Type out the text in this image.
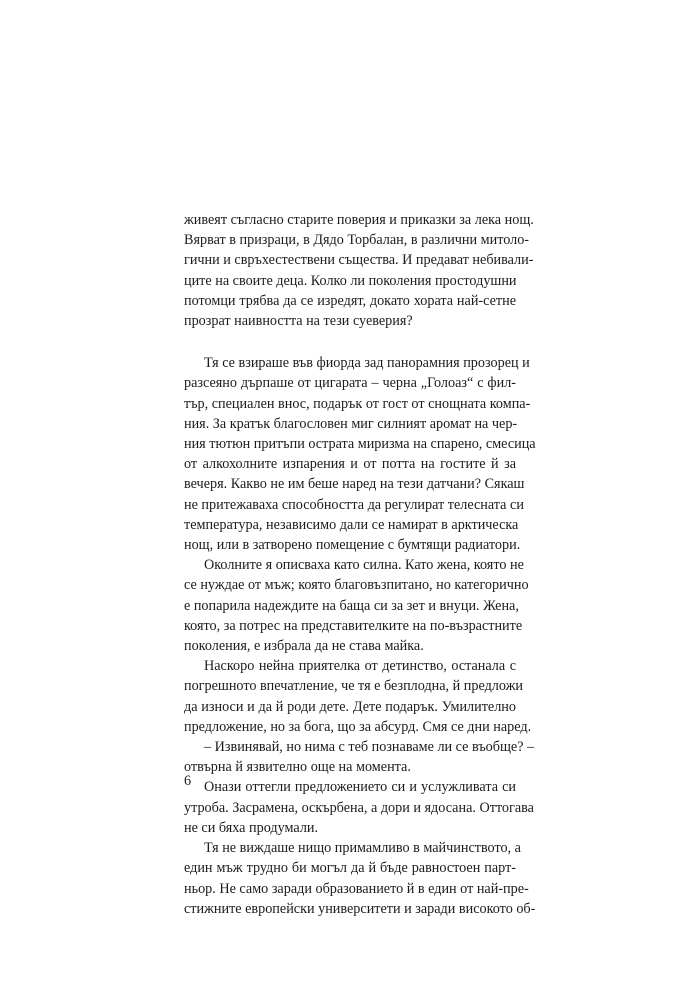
живеят съгласно старите поверия и приказки за лека нощ.
Вярват в призраци, в Дядо Торбалан, в различни митоло-
гични и свръхестествени същества. И предават небивали-
ците на своите деца. Колко ли поколения простодушни
потомци трябва да се изредят, докато хората най-сетне
прозрат наивността на тези суеверия?

Тя се взираше във фиорда зад панорамния прозорец и
разсеяно дърпаше от цигарата – черна „Голоаз“ с фил-
тър, специален внос, подарък от гост от снощната компа-
ния. За кратък благословен миг силният аромат на чер-
ния тютюн притъпи острата миризма на спарено, смесица
от алкохолните изпарения и от потта на гостите й за
вечеря. Какво не им беше наред на тези датчани? Сякаш
не притежаваха способността да регулират телесната си
температура, независимо дали се намират в арктическа
нощ, или в затворено помещение с бумтящи радиатори.

Околните я описваха като силна. Като жена, която не
се нуждае от мъж; която благовъзпитано, но категорично
е попарила надеждите на баща си за зет и внуци. Жена,
която, за потрес на представителките на по-възрастните
поколения, е избрала да не става майка.

Наскоро нейна приятелка от детинство, останала с
погрешното впечатление, че тя е безплодна, й предложи
да износи и да й роди дете. Дете подарък. Умилително
предложение, но за бога, що за абсурд. Смя се дни наред.

– Извинявай, но нима с теб познаваме ли се въобще? –
отвърна й язвително още на момента.

Онази оттегли предложението си и услужливата си
утроба. Засрамена, оскърбена, а дори и ядосана. Оттогава
не си бяха продумали.

Тя не виждаше нищо примамливо в майчинството, а
един мъж трудно би могъл да й бъде равностоен парт-
ньор. Не само заради образованието й в един от най-пре-
стижните европейски университети и заради високото об-

6
